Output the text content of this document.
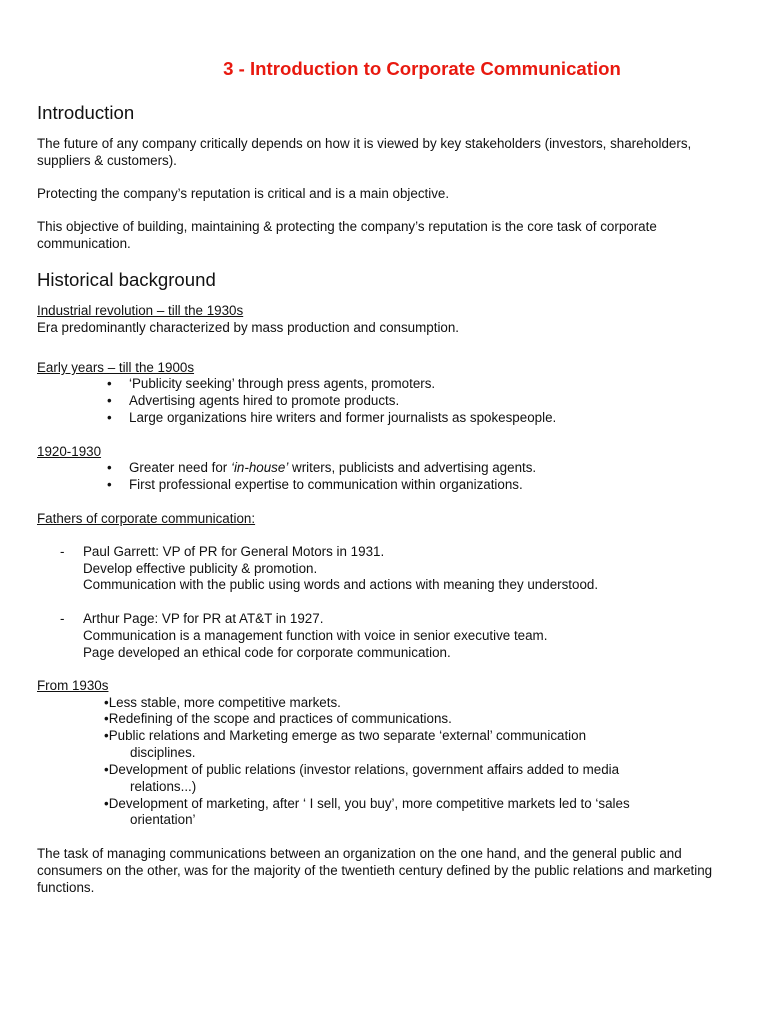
3 - Introduction to Corporate Communication
Introduction

The future of any company critically depends on how it is viewed by key stakeholders (investors, shareholders, suppliers & customers).

Protecting the company’s reputation is critical and is a main objective.

This objective of building, maintaining & protecting the company’s reputation is the core task of corporate communication.

Historical background
Industrial revolution – till the 1930s
Era predominantly characterized by mass production and consumption.
Early years – till the 1900s
• ‘Publicity seeking’ through press agents, promoters.
• Advertising agents hired to promote products.
• Large organizations hire writers and former journalists as spokespeople.
1920-1930
• Greater need for ‘in-house’ writers, publicists and advertising agents.
• First professional expertise to communication within organizations.
Fathers of corporate communication:
- Paul Garrett: VP of PR for General Motors in 1931.
Develop effective publicity & promotion.
Communication with the public using words and actions with meaning they understood.
- Arthur Page: VP for PR at AT&T in 1927.
Communication is a management function with voice in senior executive team.
Page developed an ethical code for corporate communication.
From 1930s
•Less stable, more competitive markets.
•Redefining of the scope and practices of communications.
•Public relations and Marketing emerge as two separate ‘external’ communication
disciplines.
•Development of public relations (investor relations, government affairs added to media
relations...)
•Development of marketing, after ‘ I sell, you buy’, more competitive markets led to ‘sales
orientation’

The task of managing communications between an organization on the one hand, and the general public and consumers on the other, was for the majority of the twentieth century defined by the public relations and marketing functions.
